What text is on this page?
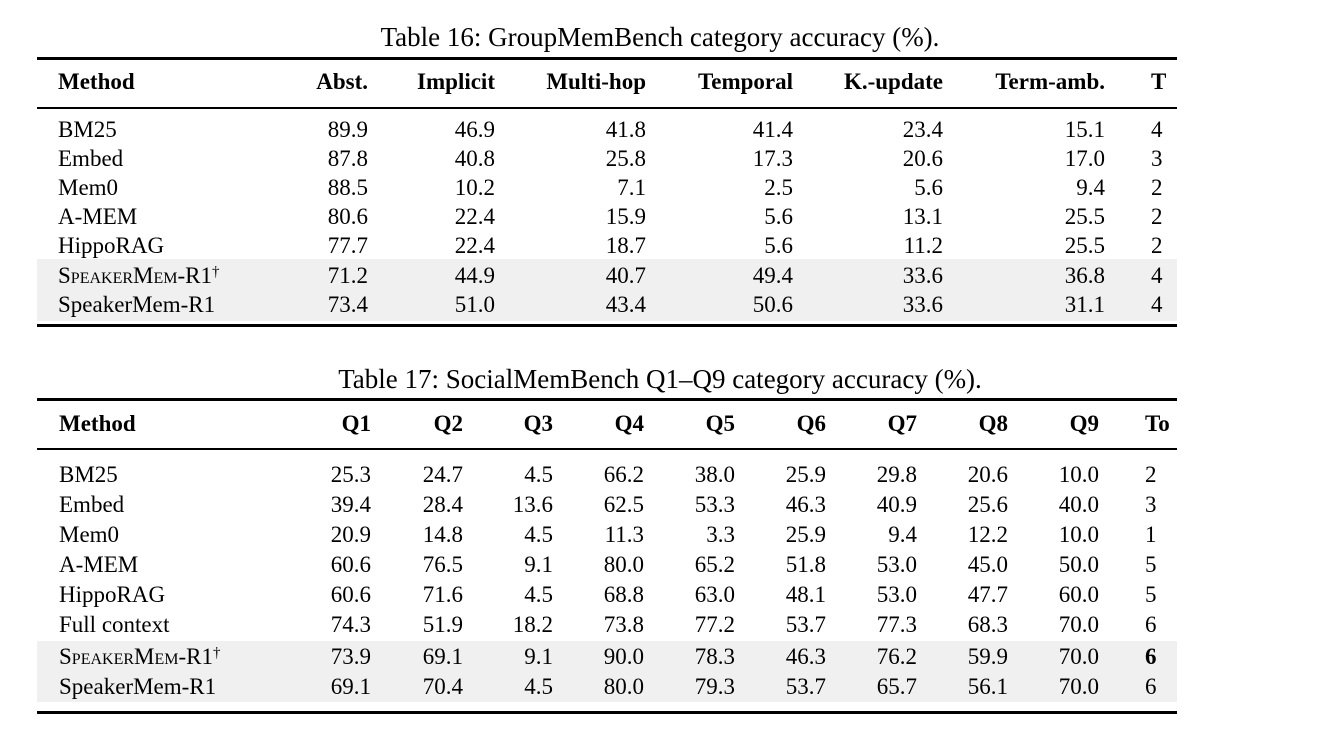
Table 16: GroupMemBench category accuracy (%).
Method	Abst. Implicit Multi-hop Temporal K.-update Term-amb. T
BM25	89.9	46.9	41.8	41.4	23.4	15.1 4
Embed	87.8	40.8	25.8	17.3	20.6	17.0 3
Mem0	88.5	10.2	7.1	2.5	5.6	9.4 2
A-MEM	80.6	22.4	15.9	5.6	13.1	25.5 2
HippoRAG	77.7	22.4	18.7	5.6	11.2	25.5 2
SpeakerMem-R1†	71.2	44.9	40.7	49.4	33.6	36.8 4
SpeakerMem-R1	73.4	51.0	43.4	50.6	33.6	31.1 4
Table 17: SocialMemBench Q1–Q9 category accuracy (%).
Method	Q1	Q2	Q3	Q4	Q5	Q6	Q7	Q8	Q9 To
BM25	25.3 24.7	4.5 66.2 38.0 25.9 29.8 20.6 10.0 2
Embed	39.4 28.4 13.6 62.5 53.3 46.3 40.9 25.6 40.0 3
Mem0	20.9 14.8	4.5 11.3	3.3 25.9	9.4 12.2 10.0 1
A-MEM	60.6 76.5	9.1 80.0 65.2 51.8 53.0 45.0 50.0 5
HippoRAG	60.6 71.6	4.5 68.8 63.0 48.1 53.0 47.7 60.0 5
Full context	74.3 51.9 18.2 73.8 77.2 53.7 77.3 68.3 70.0 6
SpeakerMem-R1†	73.9 69.1	9.1 90.0 78.3 46.3 76.2 59.9 70.0 6
SpeakerMem-R1	69.1 70.4	4.5 80.0 79.3 53.7 65.7 56.1 70.0 6
